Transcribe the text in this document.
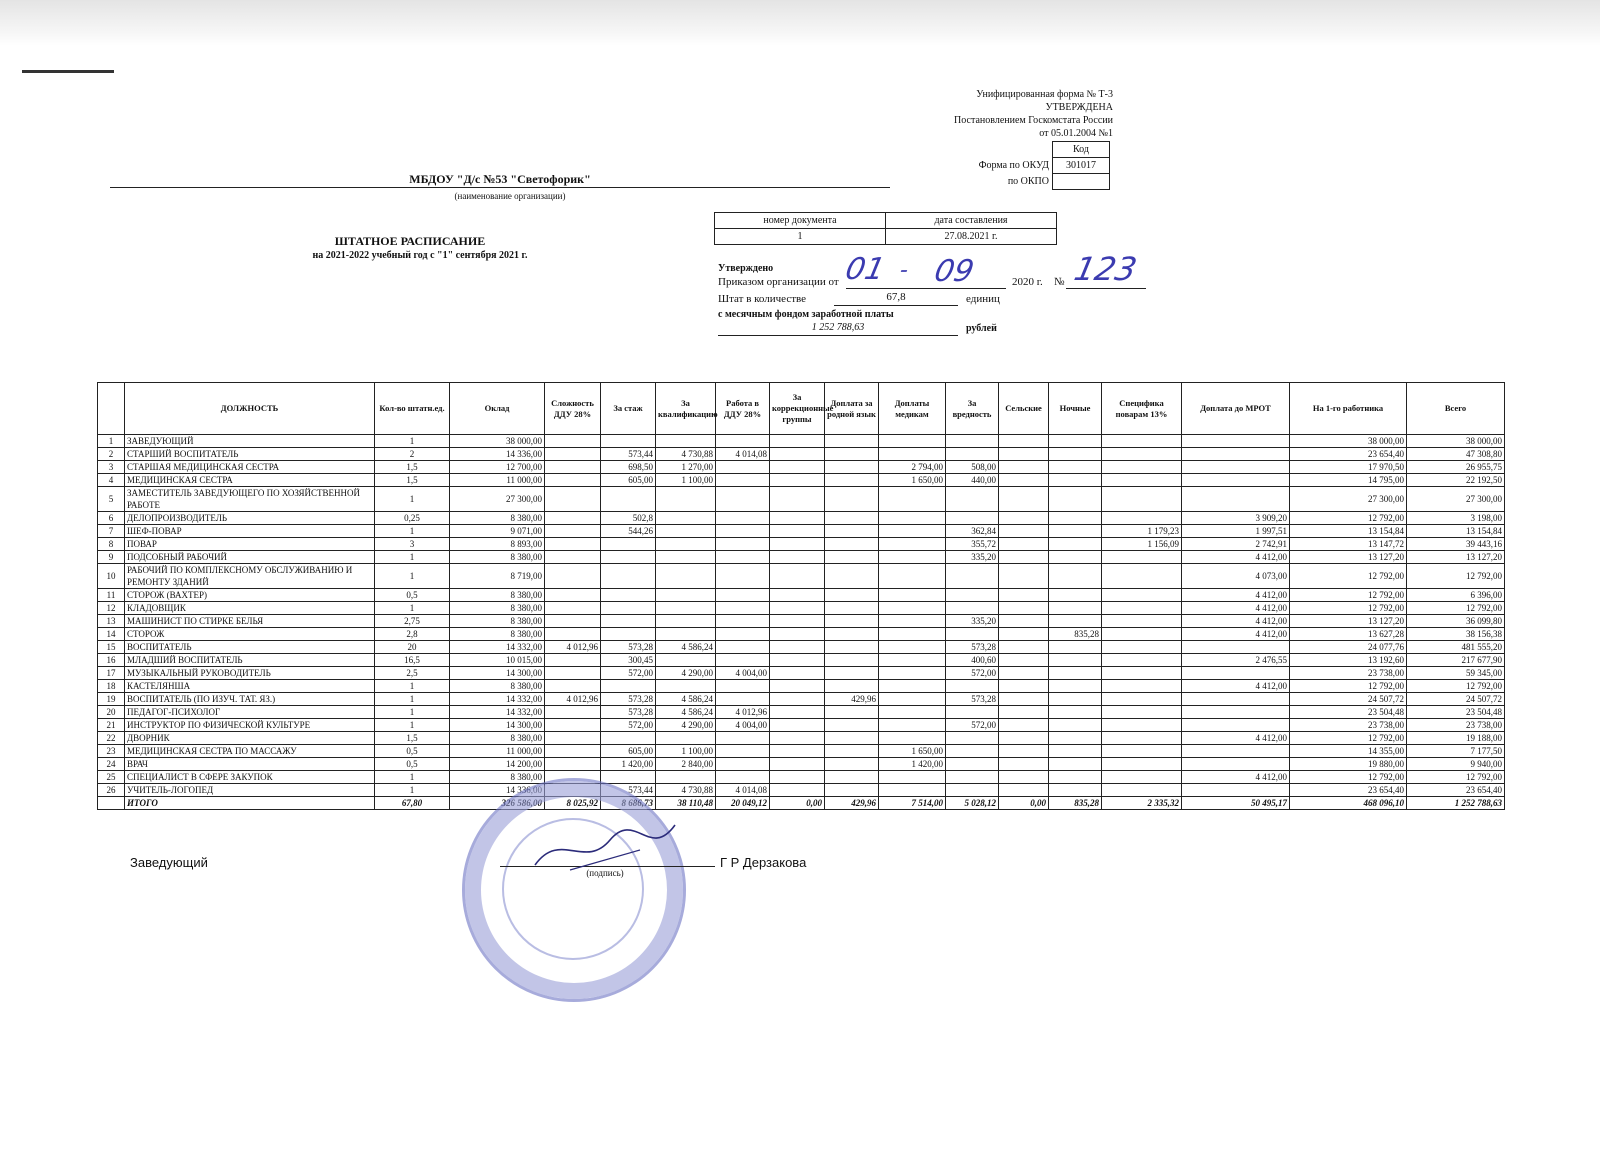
Унифицированная форма № Т-3
УТВЕРЖДЕНА
Постановлением Госкомстата России
от 05.01.2004 №1
	Код
Форма по ОКУД	301017
по ОКПО	
МБДОУ "Д/с №53 "Светофорик"
(наименование организации)
номер документа	дата составления
1	27.08.2021 г.
ШТАТНОЕ РАСПИСАНИЕ
на 2021-2022 учебный год с "1" сентября 2021 г.
Утверждено
Приказом организации от 01 - 09	2020 г. № 123
Штат в количестве	67,8	единиц
с месячным фондом заработной платы
1 252 788,63	рублей
	ДОЛЖНОСТЬ	Кол-во штатн.ед.	Оклад	Сложность ДДУ 28%	За стаж	За квалификацию	Работа в ДДУ 28%	За коррекционные группы	Доплата за родной язык	Доплаты медикам	За вредность	Сельские	Ночные	Специфика поварам 13%	Доплата до МРОТ	На 1-го работника	Всего
1	ЗАВЕДУЮЩИЙ	1	38 000,00													38 000,00	38 000,00
2	СТАРШИЙ ВОСПИТАТЕЛЬ	2	14 336,00		573,44	4 730,88	4 014,08									23 654,40	47 308,80
3	СТАРШАЯ МЕДИЦИНСКАЯ СЕСТРА	1,5	12 700,00		698,50	1 270,00				2 794,00	508,00					17 970,50	26 955,75
4	МЕДИЦИНСКАЯ СЕСТРА	1,5	11 000,00		605,00	1 100,00				1 650,00	440,00					14 795,00	22 192,50
5	ЗАМЕСТИТЕЛЬ ЗАВЕДУЮЩЕГО ПО ХОЗЯЙСТВЕННОЙ РАБОТЕ	1	27 300,00													27 300,00	27 300,00
6	ДЕЛОПРОИЗВОДИТЕЛЬ	0,25	8 380,00		502,8										3 909,20	12 792,00	3 198,00
7	ШЕФ-ПОВАР	1	9 071,00		544,26						362,84			1 179,23	1 997,51	13 154,84	13 154,84
8	ПОВАР	3	8 893,00								355,72			1 156,09	2 742,91	13 147,72	39 443,16
9	ПОДСОБНЫЙ РАБОЧИЙ	1	8 380,00								335,20				4 412,00	13 127,20	13 127,20
10	РАБОЧИЙ ПО КОМПЛЕКСНОМУ ОБСЛУЖИВАНИЮ И РЕМОНТУ ЗДАНИЙ	1	8 719,00												4 073,00	12 792,00	12 792,00
11	СТОРОЖ (ВАХТЕР)	0,5	8 380,00												4 412,00	12 792,00	6 396,00
12	КЛАДОВЩИК	1	8 380,00												4 412,00	12 792,00	12 792,00
13	МАШИНИСТ ПО СТИРКЕ БЕЛЬЯ	2,75	8 380,00								335,20				4 412,00	13 127,20	36 099,80
14	СТОРОЖ	2,8	8 380,00										835,28		4 412,00	13 627,28	38 156,38
15	ВОСПИТАТЕЛЬ	20	14 332,00	4 012,96	573,28	4 586,24					573,28					24 077,76	481 555,20
16	МЛАДШИЙ ВОСПИТАТЕЛЬ	16,5	10 015,00		300,45						400,60				2 476,55	13 192,60	217 677,90
17	МУЗЫКАЛЬНЫЙ РУКОВОДИТЕЛЬ	2,5	14 300,00		572,00	4 290,00	4 004,00				572,00					23 738,00	59 345,00
18	КАСТЕЛЯНША	1	8 380,00												4 412,00	12 792,00	12 792,00
19	ВОСПИТАТЕЛЬ (ПО ИЗУЧ. ТАТ. ЯЗ.)	1	14 332,00	4 012,96	573,28	4 586,24			429,96		573,28					24 507,72	24 507,72
20	ПЕДАГОГ-ПСИХОЛОГ	1	14 332,00		573,28	4 586,24	4 012,96									23 504,48	23 504,48
21	ИНСТРУКТОР ПО ФИЗИЧЕСКОЙ КУЛЬТУРЕ	1	14 300,00		572,00	4 290,00	4 004,00				572,00					23 738,00	23 738,00
22	ДВОРНИК	1,5	8 380,00												4 412,00	12 792,00	19 188,00
23	МЕДИЦИНСКАЯ СЕСТРА ПО МАССАЖУ	0,5	11 000,00		605,00	1 100,00				1 650,00						14 355,00	7 177,50
24	ВРАЧ	0,5	14 200,00		1 420,00	2 840,00				1 420,00						19 880,00	9 940,00
25	СПЕЦИАЛИСТ В СФЕРЕ ЗАКУПОК	1	8 380,00												4 412,00	12 792,00	12 792,00
26	УЧИТЕЛЬ-ЛОГОПЕД	1	14 336,00		573,44	4 730,88	4 014,08									23 654,40	23 654,40
	ИТОГО	67,80	326 586,00	8 025,92	8 686,73	38 110,48	20 049,12	0,00	429,96	7 514,00	5 028,12	0,00	835,28	2 335,32	50 495,17	468 096,10	1 252 788,63
Заведующий
(подпись)
Г Р Дерзакова
